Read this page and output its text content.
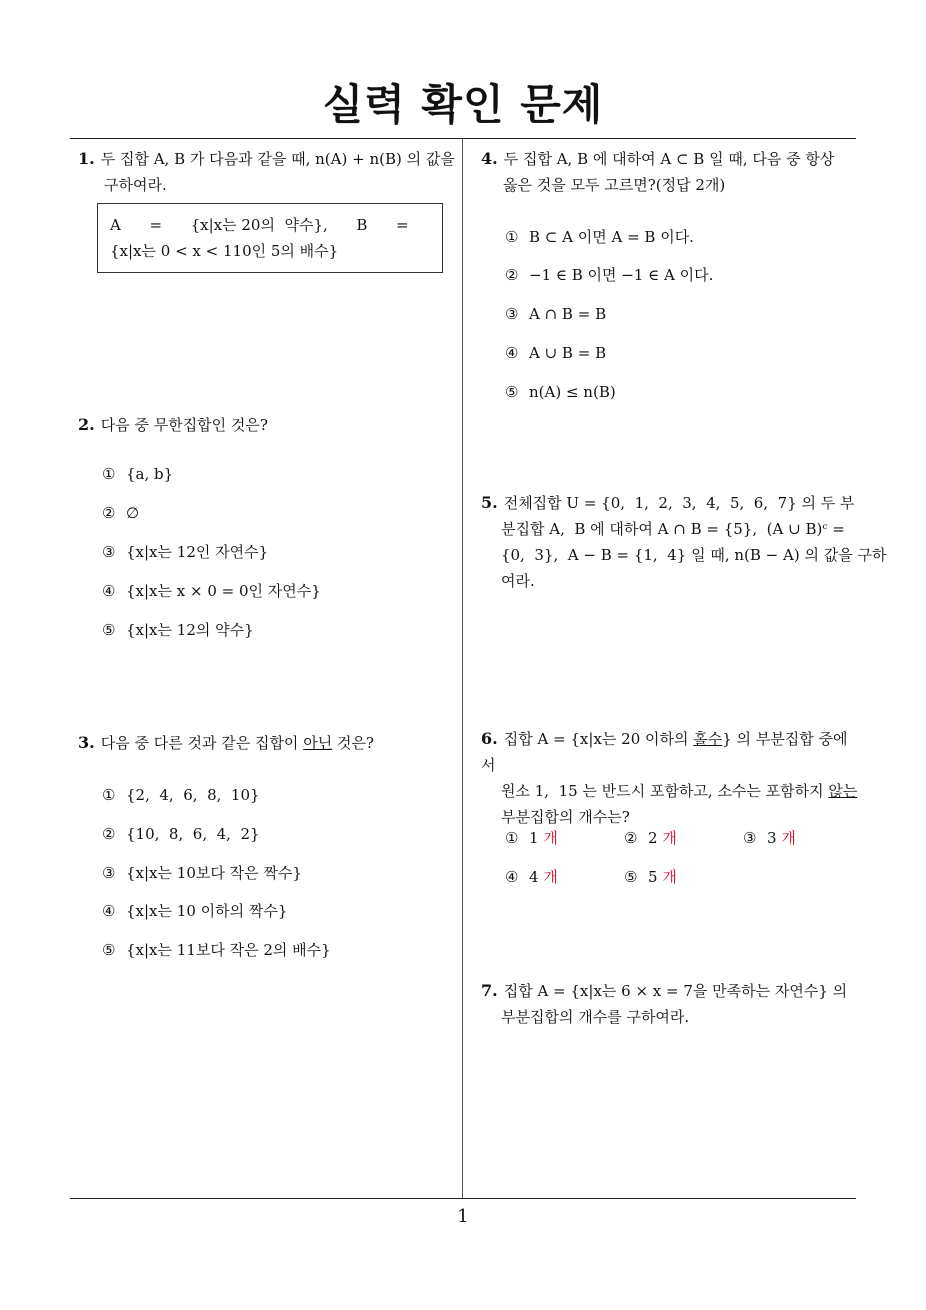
실력 확인 문제
1. 두 집합 A, B 가 다음과 같을 때, n(A) + n(B) 의 값을
구하여라.
A      =      {x|x는 20의  약수},      B      =
{x|x는 0 < x < 110인 5의 배수}
2. 다음 중 무한집합인 것은?
① {a, b}
② ∅
③ {x|x는 12인 자연수}
④ {x|x는 x × 0 = 0인 자연수}
⑤ {x|x는 12의 약수}
3. 다음 중 다른 것과 같은 집합이 아닌 것은?
① {2,  4,  6,  8,  10}
② {10,  8,  6,  4,  2}
③ {x|x는 10보다 작은 짝수}
④ {x|x는 10 이하의 짝수}
⑤ {x|x는 11보다 작은 2의 배수}
4. 두 집합 A, B 에 대하여 A ⊂ B 일 때, 다음 중 항상
옳은 것을 모두 고르면?(정답 2개)
① B ⊂ A 이면 A = B 이다.
② −1 ∈ B 이면 −1 ∈ A 이다.
③ A ∩ B = B
④ A ∪ B = B
⑤ n(A) ≤ n(B)
5. 전체집합 U = {0,  1,  2,  3,  4,  5,  6,  7} 의 두 부
분집합 A,  B 에 대하여 A ∩ B = {5},  (A ∪ B)ᶜ =
{0,  3},  A − B = {1,  4} 일 때, n(B − A) 의 값을 구하
여라.
6. 집합 A = {x|x는 20 이하의 홀수} 의 부분집합 중에서
원소 1,  15 는 반드시 포함하고, 소수는 포함하지 않는
부분집합의 개수는?
① 1 개	② 2 개	③ 3 개
④ 4 개	⑤ 5 개
7. 집합 A = {x|x는 6 × x = 7을 만족하는 자연수} 의
부분집합의 개수를 구하여라.
1
